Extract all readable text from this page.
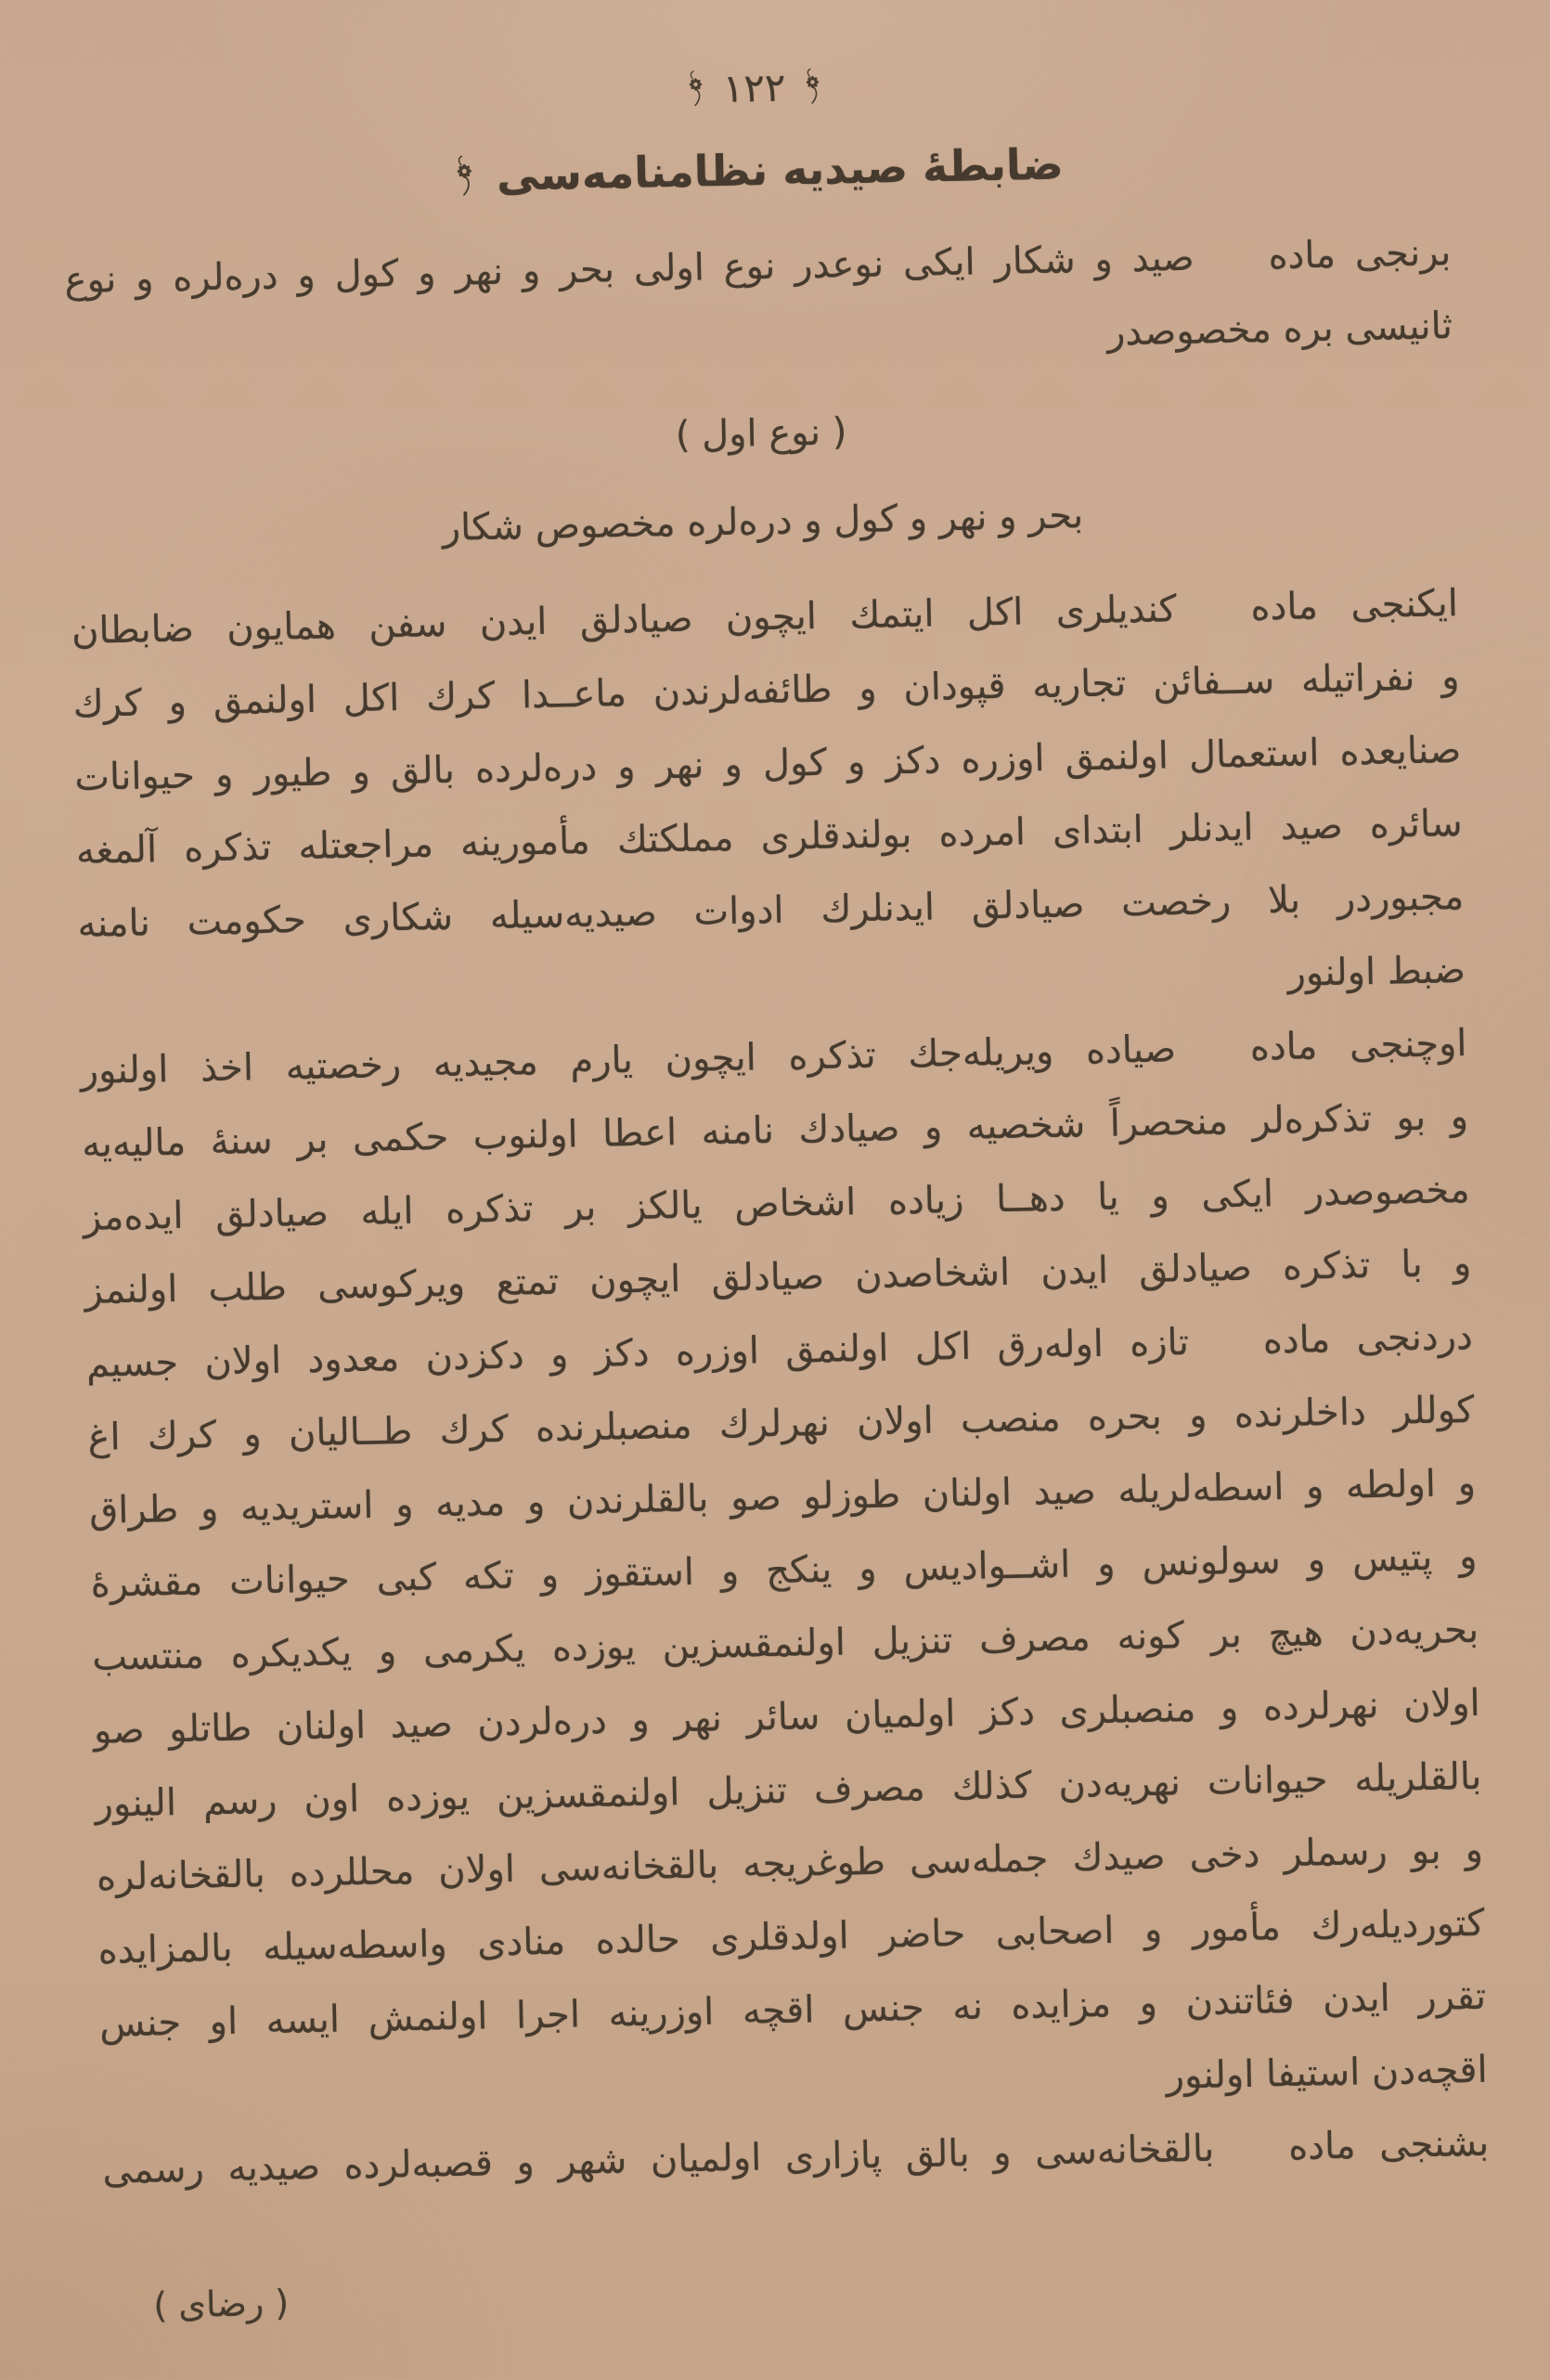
١٢٢
ضابطهٔ صيديه نظامنامه‌سى
برنجى ماده  صيد و شكار ايكى نوعدر نوع اولى بحر و نهر و كول و دره‌لره و نوع
ثانيسى بره مخصوصدر
( نوع اول )
بحر و نهر و كول و دره‌لره مخصوص شكار
ايكنجى ماده  كنديلرى اكل ايتمك ايچون صيادلق ايدن سفن همايون ضابطان
و نفراتيله ســفائن تجاريه قپودان و طائفه‌لرندن ماعــدا كرك اكل اولنمق و كرك
صنايعده استعمال اولنمق اوزره دكز و كول و نهر و دره‌لرده بالق و طيور و حيوانات
سائره صيد ايدنلر ابتداى امرده بولندقلرى مملكتك مأمورينه مراجعتله تذكره آلمغه
مجبوردر بلا رخصت صيادلق ايدنلرك ادوات صيديه‌سيله شكارى حكومت نامنه
ضبط اولنور
اوچنجى ماده  صياده ويريله‌جك تذكره ايچون يارم مجيديه رخصتيه اخذ اولنور
و بو تذكره‌لر منحصراً شخصيه و صيادك نامنه اعطا اولنوب حكمى بر سنهٔ ماليه‌يه
مخصوصدر ايكى و يا دهــا زياده اشخاص يالكز بر تذكره ايله صيادلق ايده‌مز
و با تذكره صيادلق ايدن اشخاصدن صيادلق ايچون تمتع ويركوسى طلب اولنمز
دردنجى ماده  تازه اوله‌رق اكل اولنمق اوزره دكز و دكزدن معدود اولان جسيم
كوللر داخلرنده و بحره منصب اولان نهرلرك منصبلرنده كرك طــاليان و كرك اغ
و اولطه و اسطه‌لريله صيد اولنان طوزلو صو بالقلرندن و مديه و استريديه و طراق
و پتيس و سولونس و اشــواديس و ينكج و استقوز و تكه كبى حيوانات مقشرهٔ
بحريه‌دن هيچ بر كونه مصرف تنزيل اولنمقسزين يوزده يكرمى و يكديكره منتسب
اولان نهرلرده و منصبلرى دكز اولميان سائر نهر و دره‌لردن صيد اولنان طاتلو صو
بالقلريله حيوانات نهريه‌دن كذلك مصرف تنزيل اولنمقسزين يوزده اون رسم الينور
و بو رسملر دخى صيدك جمله‌سى طوغريجه بالقخانه‌سى اولان محللرده بالقخانه‌لره
كتورديله‌رك مأمور و اصحابى حاضر اولدقلرى حالده منادى واسطه‌سيله بالمزايده
تقرر ايدن فئاتندن و مزايده نه جنس اقچه اوزرينه اجرا اولنمش ايسه او جنس
اقچه‌دن استيفا اولنور
بشنجى ماده  بالقخانه‌سى و بالق پازارى اولميان شهر و قصبه‌لرده صيديه رسمى
( رضاى )
